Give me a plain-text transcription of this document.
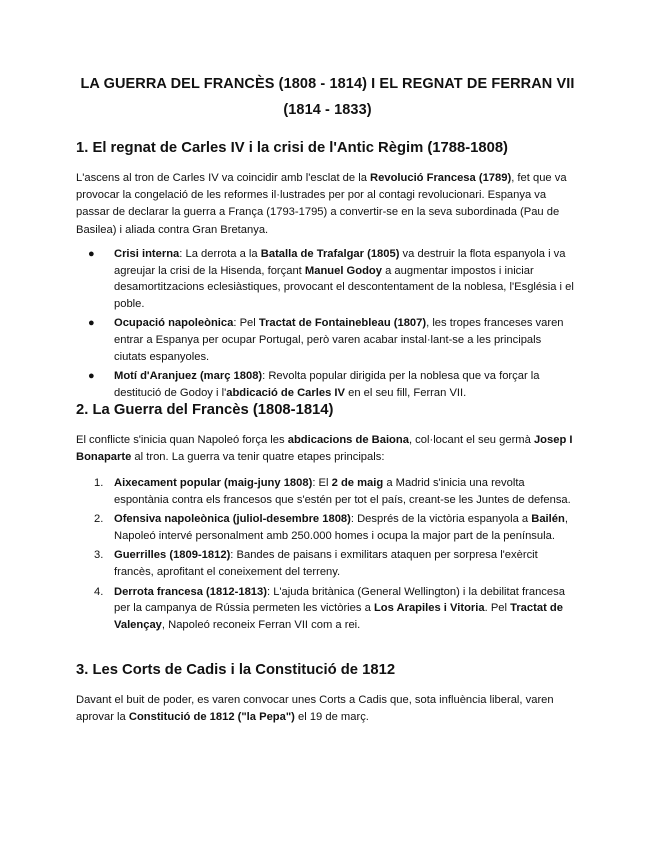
LA GUERRA DEL FRANCÈS (1808 - 1814) I EL REGNAT DE FERRAN VII
(1814 - 1833)
1. El regnat de Carles IV i la crisi de l'Antic Règim (1788-1808)

L'ascens al tron de Carles IV va coincidir amb l'esclat de la Revolució Francesa (1789), fet que va provocar la congelació de les reformes il·lustrades per por al contagi revolucionari. Espanya va passar de declarar la guerra a França (1793-1795) a convertir-se en la seva subordinada (Pau de Basilea) i aliada contra Gran Bretanya.

● Crisi interna: La derrota a la Batalla de Trafalgar (1805) va destruir la flota espanyola i va agreujar la crisi de la Hisenda, forçant Manuel Godoy a augmentar impostos i iniciar desamortitzacions eclesiàstiques, provocant el descontentament de la noblesa, l'Església i el poble.
● Ocupació napoleònica: Pel Tractat de Fontainebleau (1807), les tropes franceses varen entrar a Espanya per ocupar Portugal, però varen acabar instal·lant-se a les principals ciutats espanyoles.
● Motí d'Aranjuez (març 1808): Revolta popular dirigida per la noblesa que va forçar la destitució de Godoy i l'abdicació de Carles IV en el seu fill, Ferran VII.
2. La Guerra del Francès (1808-1814)

El conflicte s'inicia quan Napoleó força les abdicacions de Baiona, col·locant el seu germà Josep I Bonaparte al tron. La guerra va tenir quatre etapes principals:

1. Aixecament popular (maig-juny 1808): El 2 de maig a Madrid s'inicia una revolta espontània contra els francesos que s'estén per tot el país, creant-se les Juntes de defensa.
2. Ofensiva napoleònica (juliol-desembre 1808): Després de la victòria espanyola a Bailén, Napoleó intervé personalment amb 250.000 homes i ocupa la major part de la península.
3. Guerrilles (1809-1812): Bandes de paisans i exmilitars ataquen per sorpresa l'exèrcit francès, aprofitant el coneixement del terreny.
4. Derrota francesa (1812-1813): L'ajuda britànica (General Wellington) i la debilitat francesa per la campanya de Rússia permeten les victòries a Los Arapiles i Vitoria. Pel Tractat de Valençay, Napoleó reconeix Ferran VII com a rei.
3. Les Corts de Cadis i la Constitució de 1812

Davant el buit de poder, es varen convocar unes Corts a Cadis que, sota influència liberal, varen aprovar la Constitució de 1812 ("la Pepa") el 19 de març.
